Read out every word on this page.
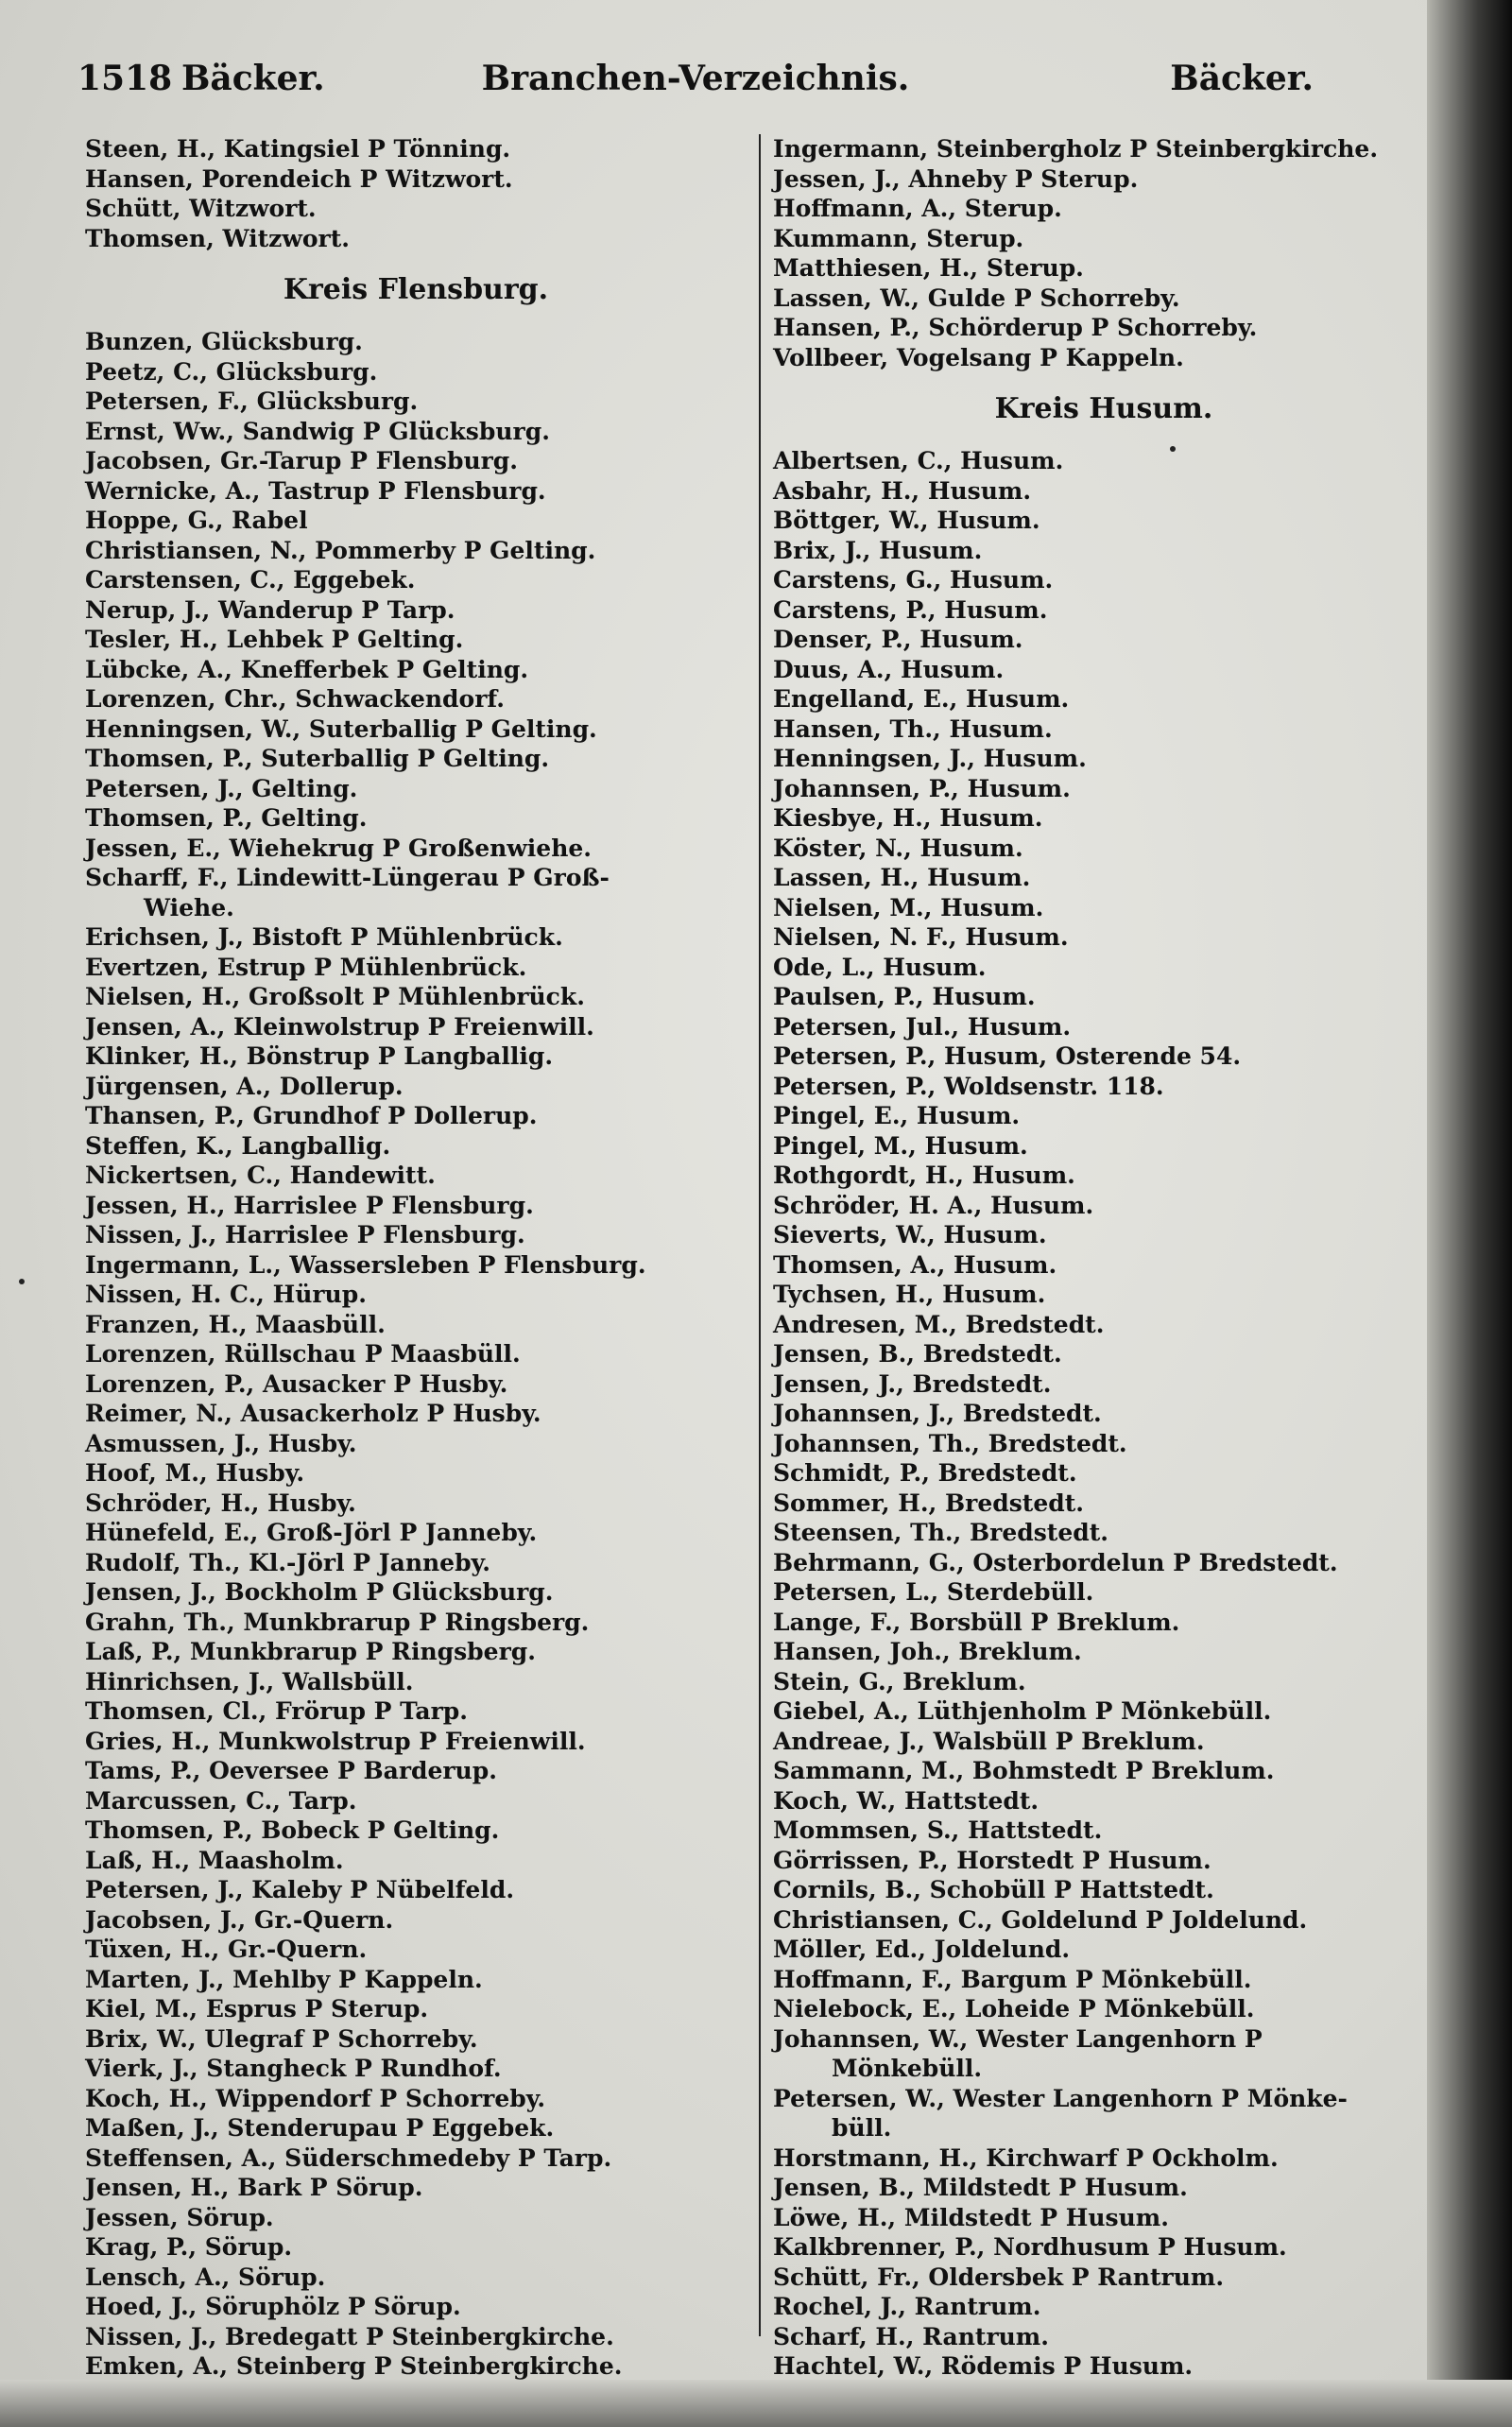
1518 Bäcker.	Branchen-Verzeichnis.	Bäcker.
Steen, H., Katingsiel P Tönning.
Hansen, Porendeich P Witzwort.
Schütt, Witzwort.
Thomsen, Witzwort.
Kreis Flensburg.
Bunzen, Glücksburg.
Peetz, C., Glücksburg.
Petersen, F., Glücksburg.
Ernst, Ww., Sandwig P Glücksburg.
Jacobsen, Gr.-Tarup P Flensburg.
Wernicke, A., Tastrup P Flensburg.
Hoppe, G., Rabel
Christiansen, N., Pommerby P Gelting.
Carstensen, C., Eggebek.
Nerup, J., Wanderup P Tarp.
Tesler, H., Lehbek P Gelting.
Lübcke, A., Knefferbek P Gelting.
Lorenzen, Chr., Schwackendorf.
Henningsen, W., Suterballig P Gelting.
Thomsen, P., Suterballig P Gelting.
Petersen, J., Gelting.
Thomsen, P., Gelting.
Jessen, E., Wiehekrug P Großenwiehe.
Scharff, F., Lindewitt-Lüngerau P Groß-
Wiehe.
Erichsen, J., Bistoft P Mühlenbrück.
Evertzen, Estrup P Mühlenbrück.
Nielsen, H., Großsolt P Mühlenbrück.
Jensen, A., Kleinwolstrup P Freienwill.
Klinker, H., Bönstrup P Langballig.
Jürgensen, A., Dollerup.
Thansen, P., Grundhof P Dollerup.
Steffen, K., Langballig.
Nickertsen, C., Handewitt.
Jessen, H., Harrislee P Flensburg.
Nissen, J., Harrislee P Flensburg.
Ingermann, L., Wassersleben P Flensburg.
Nissen, H. C., Hürup.
Franzen, H., Maasbüll.
Lorenzen, Rüllschau P Maasbüll.
Lorenzen, P., Ausacker P Husby.
Reimer, N., Ausackerholz P Husby.
Asmussen, J., Husby.
Hoof, M., Husby.
Schröder, H., Husby.
Hünefeld, E., Groß-Jörl P Janneby.
Rudolf, Th., Kl.-Jörl P Janneby.
Jensen, J., Bockholm P Glücksburg.
Grahn, Th., Munkbrarup P Ringsberg.
Laß, P., Munkbrarup P Ringsberg.
Hinrichsen, J., Wallsbüll.
Thomsen, Cl., Frörup P Tarp.
Gries, H., Munkwolstrup P Freienwill.
Tams, P., Oeversee P Barderup.
Marcussen, C., Tarp.
Thomsen, P., Bobeck P Gelting.
Laß, H., Maasholm.
Petersen, J., Kaleby P Nübelfeld.
Jacobsen, J., Gr.-Quern.
Tüxen, H., Gr.-Quern.
Marten, J., Mehlby P Kappeln.
Kiel, M., Esprus P Sterup.
Brix, W., Ulegraf P Schorreby.
Vierk, J., Stangheck P Rundhof.
Koch, H., Wippendorf P Schorreby.
Maßen, J., Stenderupau P Eggebek.
Steffensen, A., Süderschmedeby P Tarp.
Jensen, H., Bark P Sörup.
Jessen, Sörup.
Krag, P., Sörup.
Lensch, A., Sörup.
Hoed, J., Söruphölz P Sörup.
Nissen, J., Bredegatt P Steinbergkirche.
Emken, A., Steinberg P Steinbergkirche.
Ingermann, Steinbergholz P Steinbergkirche.
Jessen, J., Ahneby P Sterup.
Hoffmann, A., Sterup.
Kummann, Sterup.
Matthiesen, H., Sterup.
Lassen, W., Gulde P Schorreby.
Hansen, P., Schörderup P Schorreby.
Vollbeer, Vogelsang P Kappeln.
Kreis Husum.
Albertsen, C., Husum.
Asbahr, H., Husum.
Böttger, W., Husum.
Brix, J., Husum.
Carstens, G., Husum.
Carstens, P., Husum.
Denser, P., Husum.
Duus, A., Husum.
Engelland, E., Husum.
Hansen, Th., Husum.
Henningsen, J., Husum.
Johannsen, P., Husum.
Kiesbye, H., Husum.
Köster, N., Husum.
Lassen, H., Husum.
Nielsen, M., Husum.
Nielsen, N. F., Husum.
Ode, L., Husum.
Paulsen, P., Husum.
Petersen, Jul., Husum.
Petersen, P., Husum, Osterende 54.
Petersen, P., Woldsenstr. 118.
Pingel, E., Husum.
Pingel, M., Husum.
Rothgordt, H., Husum.
Schröder, H. A., Husum.
Sieverts, W., Husum.
Thomsen, A., Husum.
Tychsen, H., Husum.
Andresen, M., Bredstedt.
Jensen, B., Bredstedt.
Jensen, J., Bredstedt.
Johannsen, J., Bredstedt.
Johannsen, Th., Bredstedt.
Schmidt, P., Bredstedt.
Sommer, H., Bredstedt.
Steensen, Th., Bredstedt.
Behrmann, G., Osterbordelun P Bredstedt.
Petersen, L., Sterdebüll.
Lange, F., Borsbüll P Breklum.
Hansen, Joh., Breklum.
Stein, G., Breklum.
Giebel, A., Lüthjenholm P Mönkebüll.
Andreae, J., Walsbüll P Breklum.
Sammann, M., Bohmstedt P Breklum.
Koch, W., Hattstedt.
Mommsen, S., Hattstedt.
Görrissen, P., Horstedt P Husum.
Cornils, B., Schobüll P Hattstedt.
Christiansen, C., Goldelund P Joldelund.
Möller, Ed., Joldelund.
Hoffmann, F., Bargum P Mönkebüll.
Nielebock, E., Loheide P Mönkebüll.
Johannsen, W., Wester Langenhorn P
Mönkebüll.
Petersen, W., Wester Langenhorn P Mönke-
büll.
Horstmann, H., Kirchwarf P Ockholm.
Jensen, B., Mildstedt P Husum.
Löwe, H., Mildstedt P Husum.
Kalkbrenner, P., Nordhusum P Husum.
Schütt, Fr., Oldersbek P Rantrum.
Rochel, J., Rantrum.
Scharf, H., Rantrum.
Hachtel, W., Rödemis P Husum.
